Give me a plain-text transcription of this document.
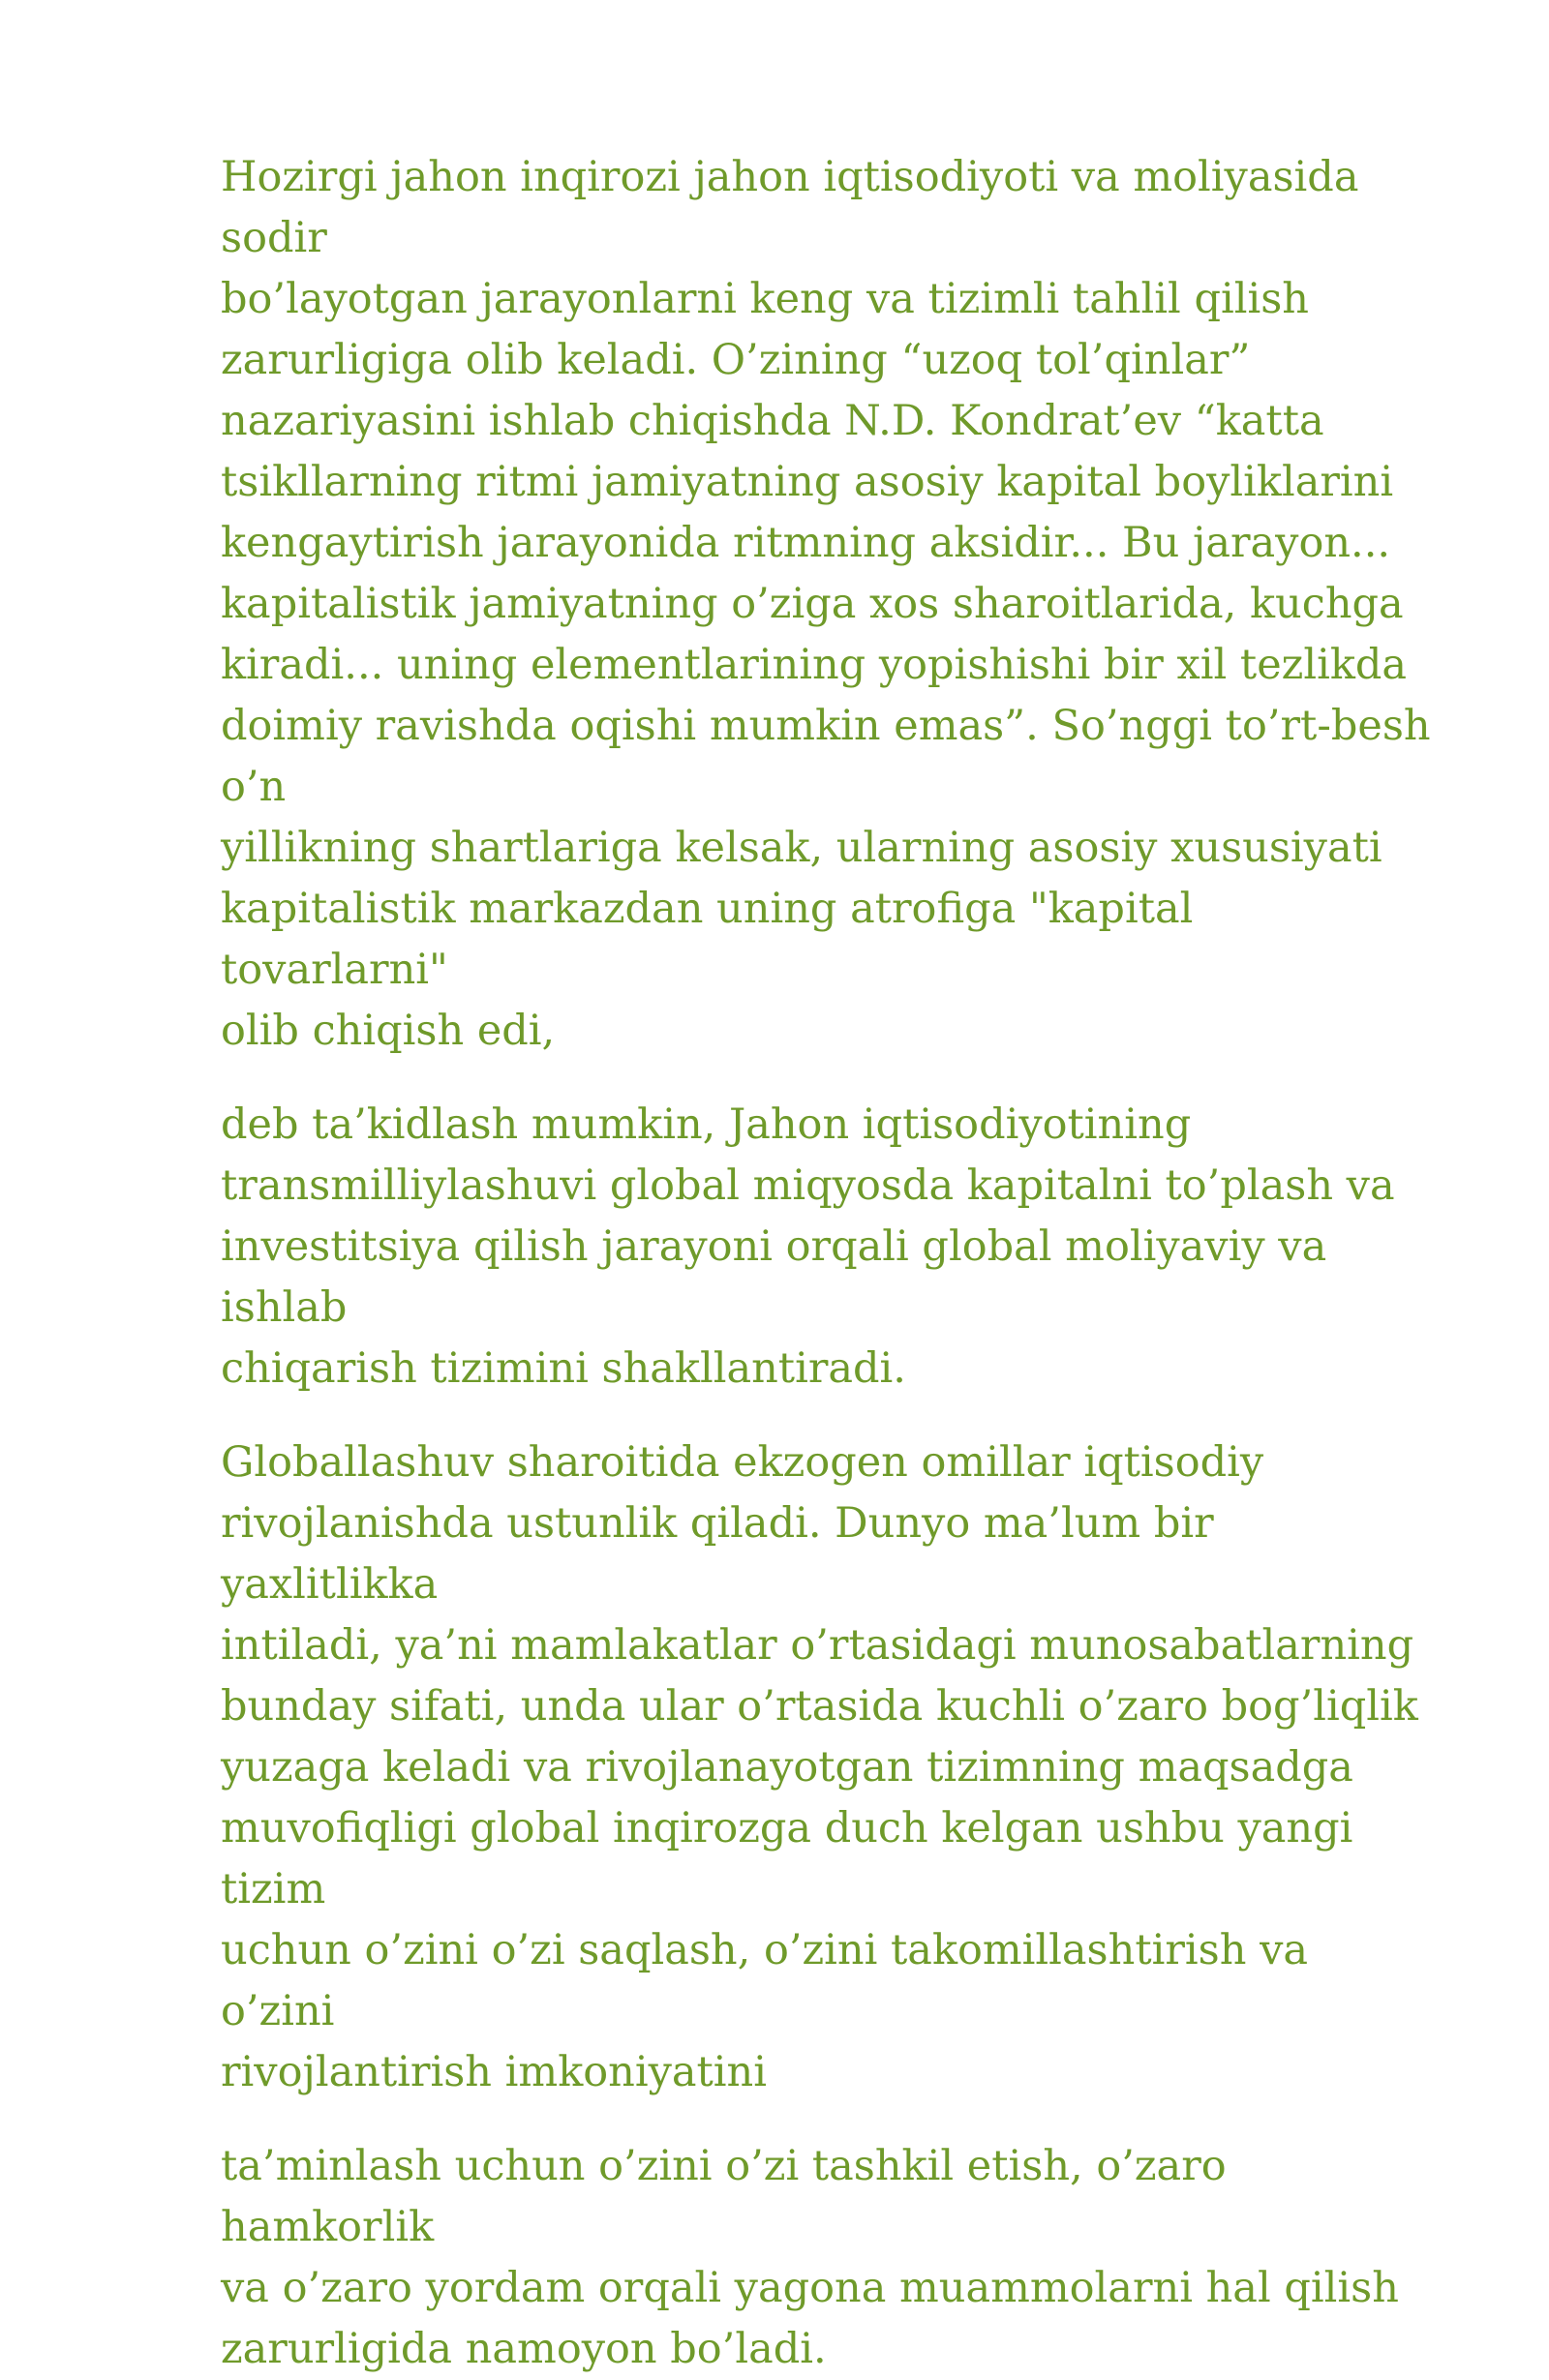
Hozirgi jahon inqirozi jahon iqtisodiyoti va moliyasida sodir
bo’layotgan jarayonlarni keng va tizimli tahlil qilish
zarurligiga olib keladi. O’zining “uzoq tol’qinlar”
nazariyasini ishlab chiqishda N.D. Kondrat’ev “katta
tsikllarning ritmi jamiyatning asosiy kapital boyliklarini
kengaytirish jarayonida ritmning aksidir... Bu jarayon...
kapitalistik jamiyatning o’ziga xos sharoitlarida, kuchga
kiradi... uning elementlarining yopishishi bir xil tezlikda
doimiy ravishda oqishi mumkin emas”. So’nggi to’rt-besh o’n
yillikning shartlariga kelsak, ularning asosiy xususiyati
kapitalistik markazdan uning atrofiga "kapital tovarlarni"
olib chiqish edi,

deb ta’kidlash mumkin, Jahon iqtisodiyotining
transmilliylashuvi global miqyosda kapitalni to’plash va
investitsiya qilish jarayoni orqali global moliyaviy va ishlab
chiqarish tizimini shakllantiradi.

Globallashuv sharoitida ekzogen omillar iqtisodiy
rivojlanishda ustunlik qiladi. Dunyo ma’lum bir yaxlitlikka
intiladi, ya’ni mamlakatlar o’rtasidagi munosabatlarning
bunday sifati, unda ular o’rtasida kuchli o’zaro bog’liqlik
yuzaga keladi va rivojlanayotgan tizimning maqsadga
muvofiqligi global inqirozga duch kelgan ushbu yangi tizim
uchun o’zini o’zi saqlash, o’zini takomillashtirish va o’zini
rivojlantirish imkoniyatini

ta’minlash uchun o’zini o’zi tashkil etish, o’zaro hamkorlik
va o’zaro yordam orqali yagona muammolarni hal qilish
zarurligida namoyon bo’ladi.
